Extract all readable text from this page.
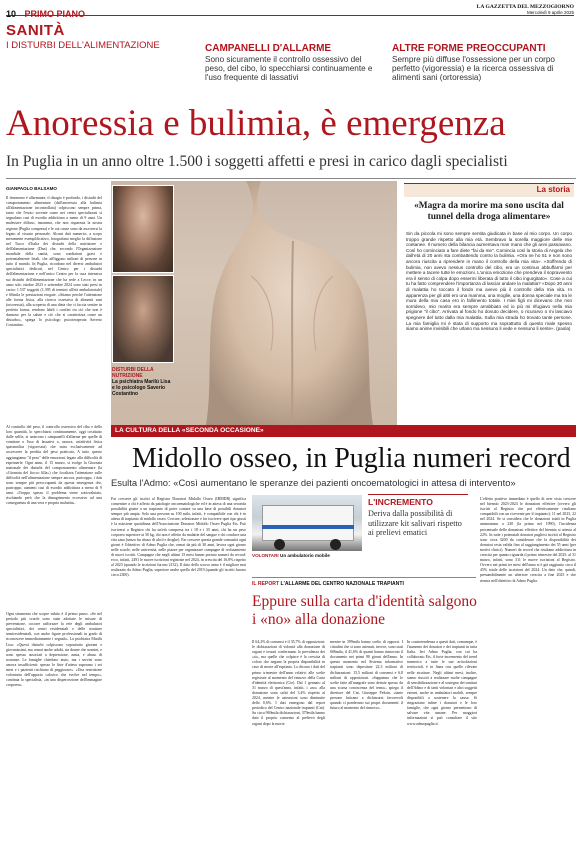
10 PRIMO PIANO
LA GAZZETTA DEL MEZZOGIORNO
Mercoledì 9 aprile 2025
SANITÀ
I DISTURBI DELL'ALIMENTAZIONE	CAMPANELLI D'ALLARME
Sono sicuramente il controllo ossessivo del peso, del cibo, lo specchiarsi continuamente e l'uso frequente di lassativi
ALTRE FORME PREOCCUPANTI
Sempre più diffuse l'ossessione per un corpo perfetto (vigoressia) e la ricerca ossessiva di alimenti sani (ortoressia)
Anoressia e bulimia, è emergenza
In Puglia in un anno oltre 1.500 i soggetti affetti e presi in carico dagli specialisti
GIANPAOLO BALSAMO
Il fenomeno è allarmante, il disagio è profondo, i disturbi del comportamento alimentare (dall'anoressia alla bulimia all'alimentazione incontrollata) colpiscono sempre prima, tanto che l'esoto sovente come nei centri specializzati si segnalano casi di esordio addirittura a meno di 9 anni. Un malessere diffuso, insomma, che non risparmia la nostra regione (Puglia compresa) e le cui cause sono da ascriversi la legato al vissuto personale. Alcuni dati numerici, a scopo meramente esemplificativo, fotografano meglio la diffusione nel Tacco d'Italia dei disturbi della nutrizione e dell'alimentazione (Dna) che, secondo l'Organizzazione mondiale della sanità, sono condizioni gravi e potenzialmente letali, che affliggono milioni di persone in tutto il mondo. In Puglia, ricordano nel diversi ambulatori specialistici dedicati, nel Centro per i disturbi dell'alimentazione e nell'unico Centro per la cura intensiva sui disturbi dell'alimentazione che ha sede a Lecce, in un anno solo ottobre 2023 e settembre 2024 sono stati presi in carico 1.537 soggetti (1.395 di termini all'età ambulatoriale) e 60mila le prestazioni erogate. «Stiamo perché l'attenzione alle forma fisica, alla ricerca ossessiva di alimenti sani (ortoressia), alla scoperta di una dieta che ci faccia sentire in perfetta forma, rendono labili i confini tra ciò che non è dannoso per la salute e ciò che si caratterizza come un disturbo», spiega lo psicologo psicoterapeuta Saverio Costantino.
Al controllo del peso, il controllo ossessivo del cibo e delle loro quantità, lo specchiarsi continuamente, oggi costituito dalle selfie, si uniscono i campanelli d'allarme per quelle di vomitare o l'uso di lassativi o, ancora, un'attività fisica spasmodica (vigoressia) che mira esclusivamente ad accrescere la perdita del peso praticato, A tutto questo aggiungiamo "il peso" delle emozioni, legato alla difficoltà di esprimerle. Ogni anno, il 15 marzo, si svolge la Giornata nazionale dei disturbi del comportamento alimentare (la «Giornata del fiocco lilla») che focalizza l'attenzione sulle difficoltà nell'alimentazione sempre ancora, purtroppo, i dati sono sempre più preoccupanti da questa emergenza che, purtroppo, aumenti casi di esordio addirittura a meno di 9 anni. «Troppo spesso il problema viene sottovalutato, rischiando però che la dimagrimento eccessivo ad una conseguenza di una vera e propria malattia».
Ogni strumento che scopre subito è il primo passo. «Se nel periodo più scuole sono state adottate le misure di prevenzione, occorre rafforzare la rete degli ambulatori specialistici, dei centri residenziali e delle strutture semiresidenziali, con anche figure professionali in grado di riconoscere immediatamente i segnali». La psichiatra Marilù Lisa: «Questi disturbi colpiscono soprattutto giovani e giovanissimi, ma ormai anche adulti, sia donne che uomini, e sono spesso associati a depressione, ansia, e abuso di sostanze. Le famiglie chiedono aiuto, ma i servizi sono ancora insufficienti: spesso le liste d'attesa superano i sei mesi e i pazienti rischiano di peggiorare». «Una restrizione volontaria dell'apporto calorico che evolve nel tempo», continua lo specialista, «in una dispercezione dell'immagine corporea».
DISTURBI DELLA NUTRIZIONE
La psichiatra Marilù Lisa e lo psicologo Saverio Costantino
La storia
«Magra da morire ma sono uscita dal tunnel della droga alimentare»
Sin da piccola mi sono sempre sentita giudicata in base al mio corpo. Un corpo troppo grande rispetto alla mia età. Sembravo la sorella maggiore delle mie coetanee. Il numero della bilancia aumentava man mano che gli anni passavano. Così ho cominciato a fare diete "fai da me". Comincia così la storia di Angela che dall'età di 20 anni sta combattendo contro la bulimia. «Ora ne ho 51 e non sono ancora riuscita a riprendere in mano il controllo della mia vita». «Soffrendo di bulimia, non avevo nessun controllo del cibo, era un continuo abbuffarmi per mettere a tacere tutte le emozioni. L'unica emozione che prendeva il sopravvento era il senso di colpa dopo essermi liberata di tutto il cibo ingurgitato». Cose a cui tu ha fatto comprendere l'importanza di lasciar andare la malattia? «Dopo 30 anni di malattia ho toccato il fondo ma avevo più il controllo della mia vita. In apparenza per gli altri ero una mamma, una moglie, una donna speciale ma tra le mura della mia casa ero in fallimento totale. I miei figli mi dicevano che non sorridevo, mio marito era sempre arrabbiato ed io più mi rifugiavo nella mia prigione "il cibo". Arrivata al fondo ho dovuto decidere, o ricurarvo o mi lasciavo spegnere del tutto dalla mia malattia. Sulla mia strada ho trovato tante persone. La mia famiglia mi è stata di supporto ma soprattutto di questo male spesso siamo anime invisibili che urlano ma nessuno li vede e nessuno li sente». (paola)
LA CULTURA DELLA «SECONDA OCCASIONE»
Midollo osseo, in Puglia numeri record
Esulta l'Admo: «Così aumentano le speranze dei pazienti oncoematologici in attesa di intervento»
Far crescere gli iscritti al Registro Donatori Midollo Osseo (IBMDR) significa consentire a chi è affetto da patologie oncoematologiche ed è in attesa di una seconda possibilità grazie a un trapianto di poter contare su una base di possibili donatori sempre più ampia. Solo una persona su 100 mila, infatti, è compatibile con chi è in attesa di trapianto di midollo osseo. Cercare, selezionare e far iscrivere quei tipo giusti è la missione quotidiana dell'Associazione Donatori Midollo Osseo Puglia Ets. Può iscriversi a Registro chi ha un'età compresa tra i 18 e i 35 anni, chi ha un peso corporeo superiore ai 50 kg, chi non è affetto da malattie del sangue e chi conduce una vita sana (senza far abuso di alcol e droghe). Far crescere questa grande comunità ogni giorni è l'obiettivo di Admo Puglia che, ormai da più di 30 anni, lavora ogni giorno nelle scuole, nelle università, nelle piazze per organizzare campagne di reclutamento di nuovi iscritti. Campagne che negli ultimi 15 mesi hanno portato numeri da record: ecco, infatti, 2491 le nuove iscrizioni registrate nel 2024, in crescita del 16,8% rispetto al 2023 (quando le iscrizioni furono 2132). Il dato dello scorso anno è il migliore mai realizzato da Admo Puglia, superiore anche quello del 2019 (quando gli iscritti furono circa 2300).
VOLONTARI Un ambulatorio mobile
L'INCREMENTO
Deriva dalla possibilità di utilizzare kit salivari rispetto ai prelievi ematici
L'effetto positivo immediato è quello di aver visto crescere nel biennio 2023-2024 le donazioni effettive (ovvero gli iscritti al Registro che poi effettivamente risultano compatibili con un ricevente per il trapianto): 11 nel 2023, 22 nel 2024. Se si considera che le donazioni totali in Puglia ammontano a 230 (la prima nel 1990), l'incidenza percentuale delle donazioni effettive del biennio si attesta al 22%. In tutte i potenziali donatori pugliesi iscritti al Registro sono circa 3200 da considerare che la disponibilità dei donatori resta valida fino al raggiungimento dei 55 anni (per motivi clinici). Numeri da record che risultano addirittura in crescita per quanto riguarda il primo trimestre del 2025: al 31 marzo, infatti, sono 311 le nuove iscrizioni al Registro. Ovvero nei primi tre mesi dell'anno si è già raggiunto circa il 45% totale delle iscrizioni del 2024. Un dato che, quindi, presumibilmente un ulteriore crescita a fine 2025 e che rientra nell'obiettivo di Admo Puglia.
IL REPORT L'ALLARME DEL CENTRO NAZIONALE TRAPIANTI
Eppure sulla carta d'identità salgono i «no» alla donazione
Il 64,2% di consensi e il 35,7% di opposizioni: le dichiarazioni di volontà alla donazione di organi e tessuti confermano la prevalenza dei «sì», ma quelle che colpisce è la crescita di coloro che negano la propria disponibilità in caso di morte all'espianto. Lo dicono i dati del primo trimestre dell'anno relativi alle scelte registrate al momento del rinnovo della Carta d'identità elettronica (Cie). Dal 1 gennaio al 31 marzo di quest'anno, infatti, i «no» alla donazione sono saliti del 3,4% rispetto al 2024, mentre le astensioni sono diminuite dello 0,6%. I dati emergono dal report periodico del Centro nazionale trapianti (Cnt). Su circa 969mila dichiarazioni, 379mila hanno dato il proprio consenso al prelievo degli organi dopo la morte.
mentre in 399mila hanno scelto di opporsi. I cittadini che si sono astenuti, invece, sono stati 606mila, il 41,6% di quanti hanno rinnovato il documento nei primi 90 giorni dell'anno. In questo momento nel Sistema informativo trapianti sono depositate 22,3 milioni di dichiarazioni: 15,5 milioni di consensi e 6,8 milioni di opposizioni. «Sappiamo che le scelte fatte all'anagrafe sono dettate spesso da una scarsa conoscenza del tema», spiega il direttore del Cnt, Giuseppe Feltrin, «tante persone faticano a dichiararsi favorevoli quando ci ponderano sui propri documenti: il futuro al momento del rinnovo».
In controtendenza a questi dati, comunque, è l'aumento dei donatori e dei trapianti in tutta Italia. Ieri Admo Puglia, con cui ha collaborato Ets, il forte incremento del trend numerico a tutte le sue articolazioni territoriali, è in linea con quelle rilevate nelle strutture. Negli ultimi mesi, inoltre, siamo riusciti a realizzare molte campagne di sensibilizzazione e al sostegno dei sanitari dell'Admo e di tanti volontari e altri soggetti esterni, anche in ambulatori mobili, sempre disponibili a sostenere la causa. Si ringraziano infine i donatori e le loro famiglie, che ogni giorno permettono di salvare vite umane. Per maggiori informazioni si può consultare il sito www.admopuglia.it.
